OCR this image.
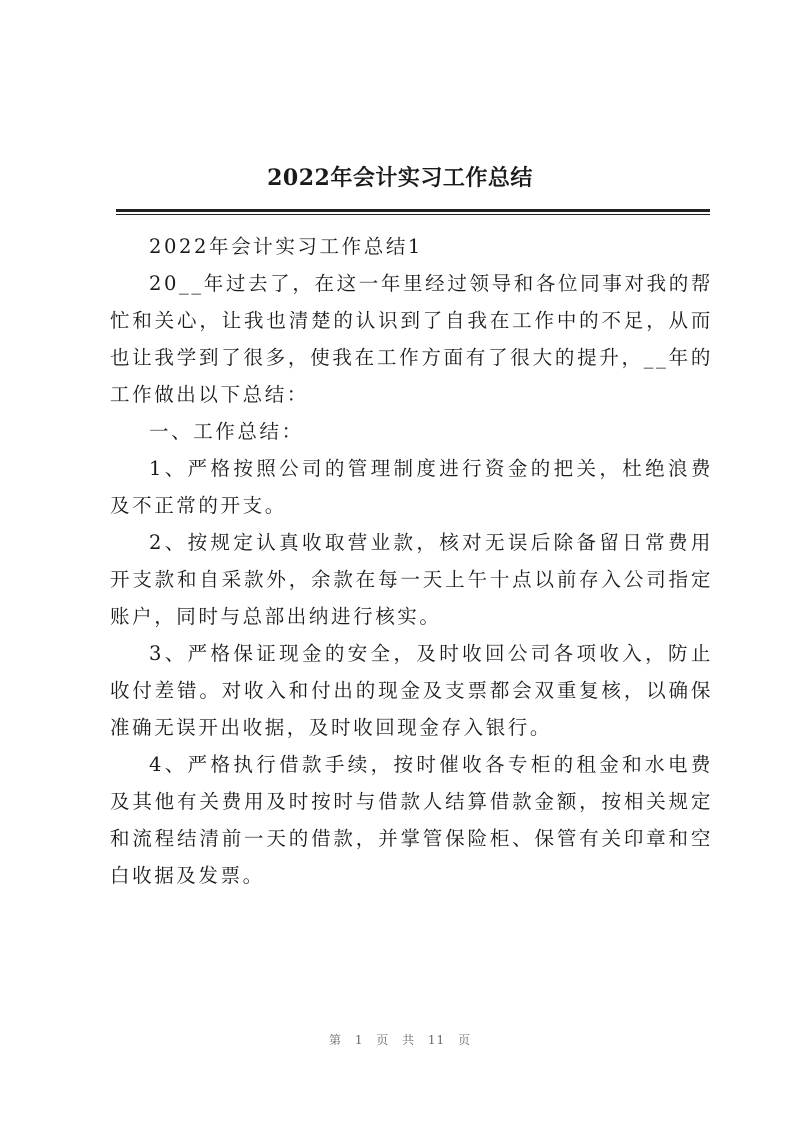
2022年会计实习工作总结

2022年会计实习工作总结1

20__年过去了，在这一年里经过领导和各位同事对我的帮忙和关心，让我也清楚的认识到了自我在工作中的不足，从而也让我学到了很多，使我在工作方面有了很大的提升，__年的工作做出以下总结：

一、工作总结：

1、严格按照公司的管理制度进行资金的把关，杜绝浪费及不正常的开支。

2、按规定认真收取营业款，核对无误后除备留日常费用开支款和自采款外，余款在每一天上午十点以前存入公司指定账户，同时与总部出纳进行核实。

3、严格保证现金的安全，及时收回公司各项收入，防止收付差错。对收入和付出的现金及支票都会双重复核，以确保准确无误开出收据，及时收回现金存入银行。

4、严格执行借款手续，按时催收各专柜的租金和水电费及其他有关费用及时按时与借款人结算借款金额，按相关规定和流程结清前一天的借款，并掌管保险柜、保管有关印章和空白收据及发票。

第 1 页 共 11 页
